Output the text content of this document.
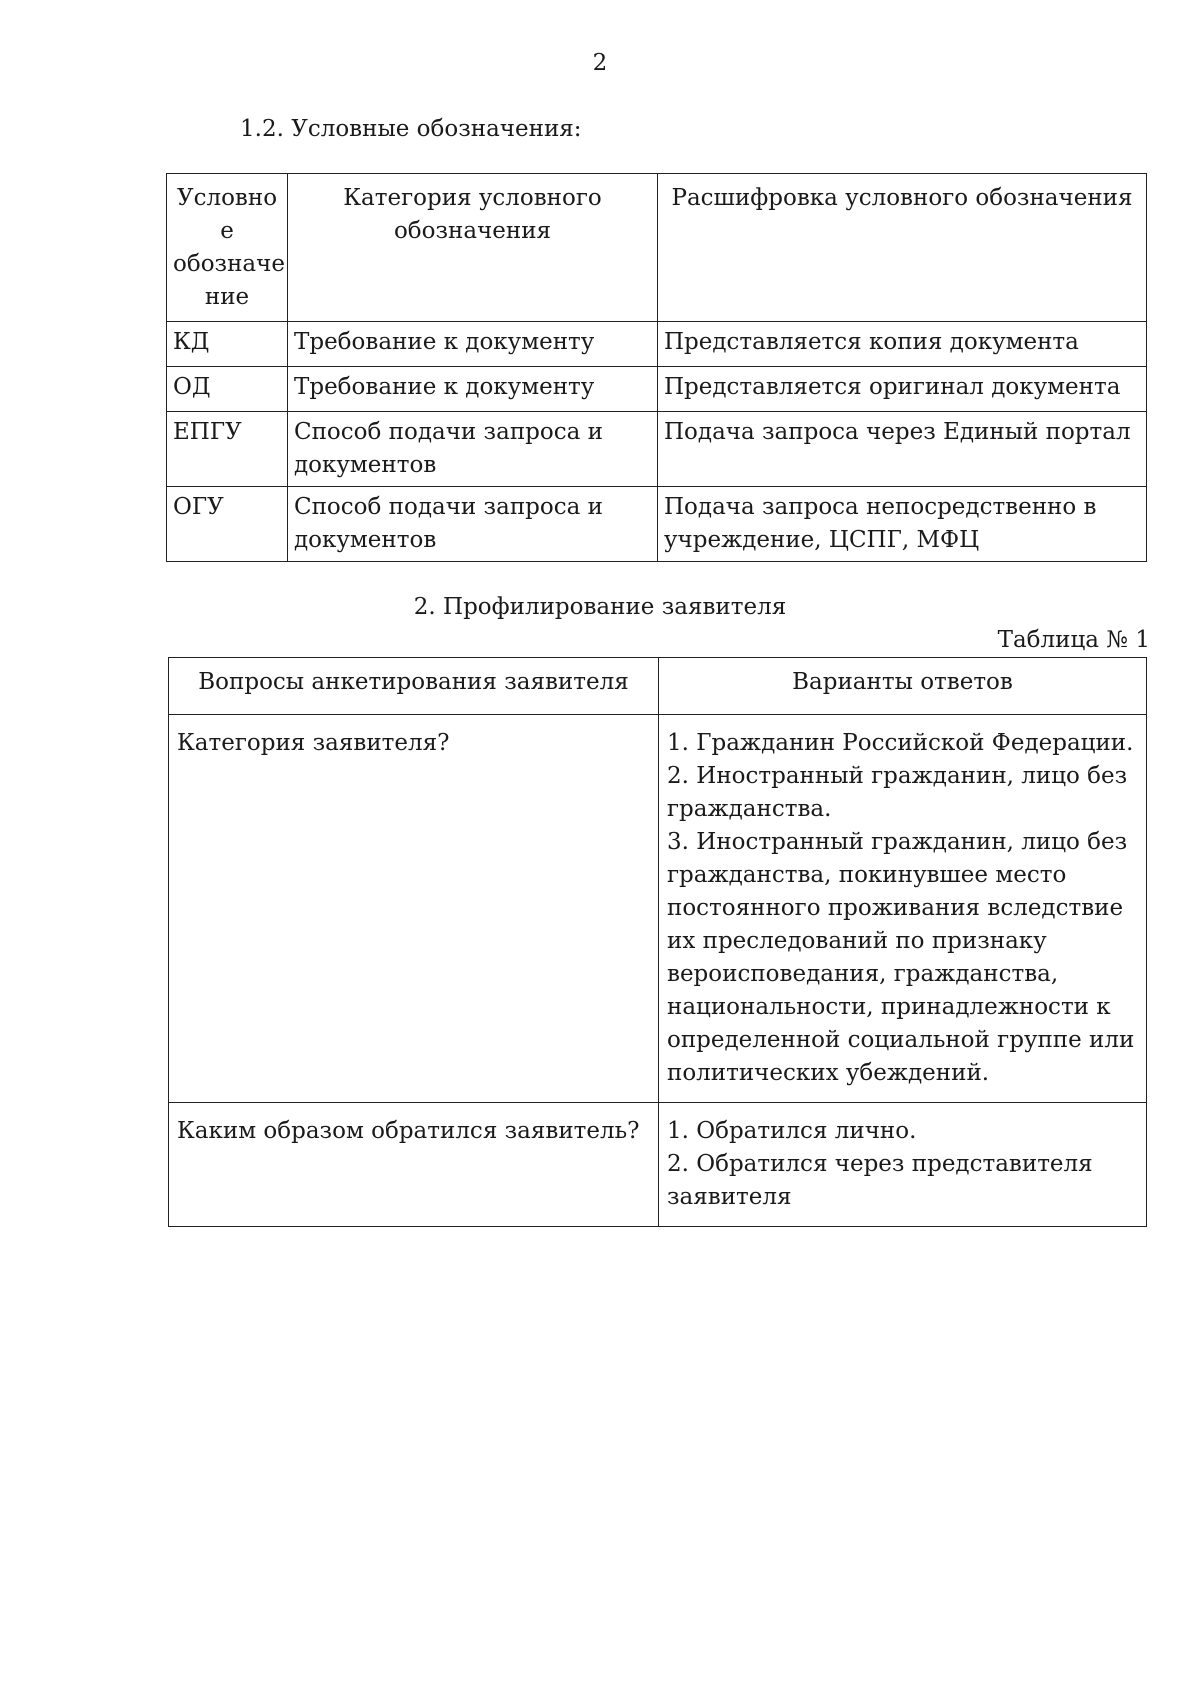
2
1.2. Условные обозначения:
Условно
е
обозначе
ние	Категория условного обозначения	Расшифровка условного обозначения
КД	Требование к документу	Представляется копия документа
ОД	Требование к документу	Представляется оригинал документа
ЕПГУ	Способ подачи запроса и документов	Подача запроса через Единый портал
ОГУ	Способ подачи запроса и документов	Подача запроса непосредственно в учреждение, ЦСПГ, МФЦ
2. Профилирование заявителя
Таблица № 1
Вопросы анкетирования заявителя	Варианты ответов
Категория заявителя?	1. Гражданин Российской Федерации.
2. Иностранный гражданин, лицо без гражданства.
3. Иностранный гражданин, лицо без гражданства, покинувшее место постоянного проживания вследствие их преследований по признаку вероисповедания, гражданства, национальности, принадлежности к определенной социальной группе или политических убеждений.

Каким образом обратился заявитель?	1. Обратился лично.
2. Обратился через представителя заявителя
